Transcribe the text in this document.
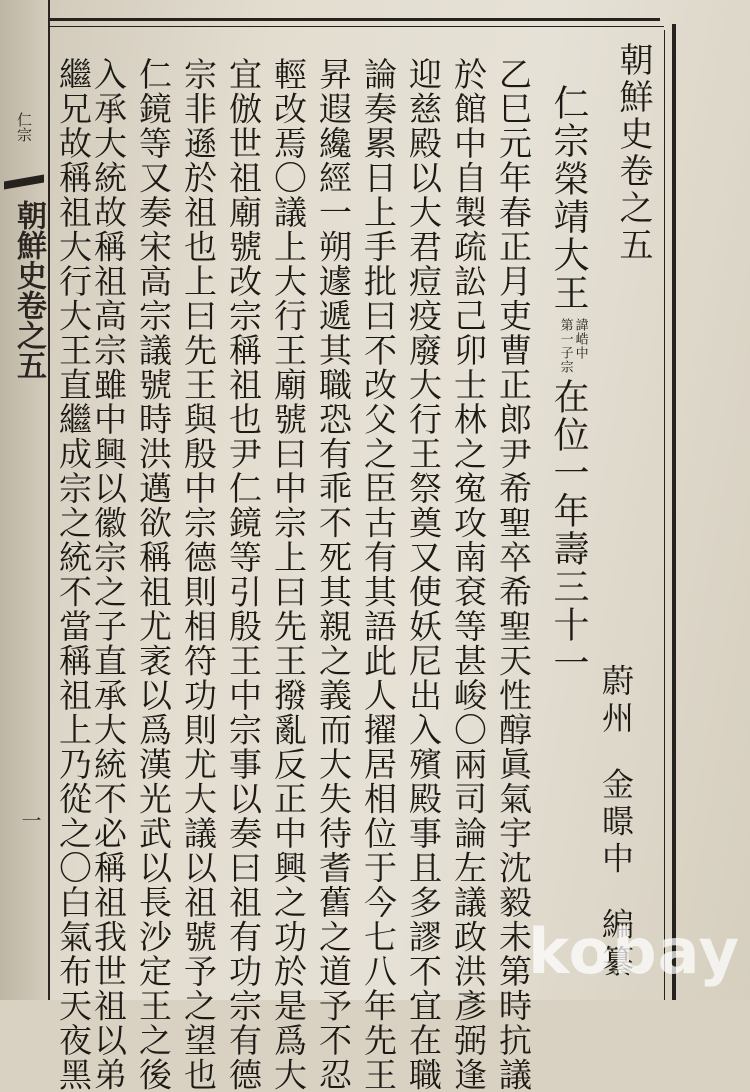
仁宗
朝鮮史卷之五
一
朝鮮史卷之五
蔚州 金暻中 編纂
仁宗榮靖大王
諱峼中
第一子宗
在位一年壽三十一
乙巳元年春正月吏曹正郎尹希聖卒希聖天性醇眞氣宇沈毅未第時抗議
於館中自製疏訟己卯士林之寃攻南袞等甚峻〇兩司論左議政洪彥弼逢
迎慈殿以大君痘疫廢大行王祭奠又使妖尼出入殯殿事且多謬不宜在職
論奏累日上手批曰不改父之臣古有其語此人擢居相位于今七八年先王
昇遐纔經一朔遽遞其職恐有乖不死其親之義而大失待耆舊之道予不忍
輕改焉〇議上大行王廟號曰中宗上曰先王撥亂反正中興之功於是爲大
宜倣世祖廟號改宗稱祖也尹仁鏡等引殷王中宗事以奏曰祖有功宗有德
宗非遜於祖也上曰先王與殷中宗德則相符功則尤大議以祖號予之望也
仁鏡等又奏宋高宗議號時洪邁欲稱祖尤袤以爲漢光武以長沙定王之後
入承大統故稱祖高宗雖中興以徽宗之子直承大統不必稱祖我世祖以弟
繼兄故稱祖大行大王直繼成宗之統不當稱祖上乃從之〇白氣布天夜黑	kobay
